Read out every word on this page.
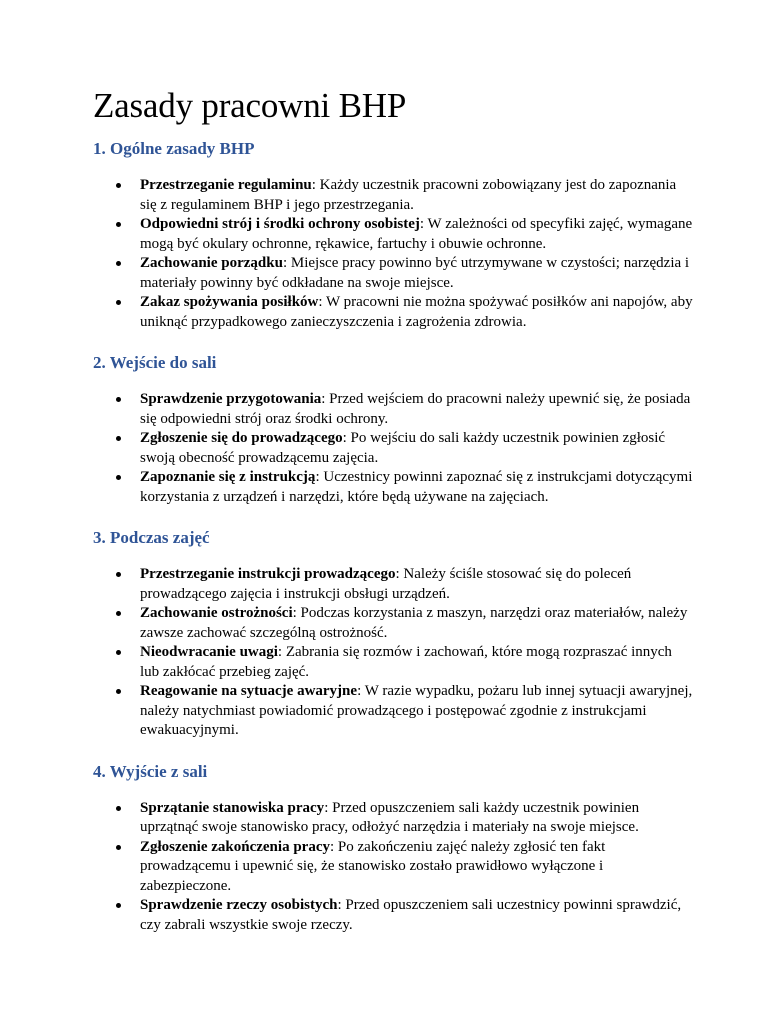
Zasady pracowni BHP
1. Ogólne zasady BHP
Przestrzeganie regulaminu: Każdy uczestnik pracowni zobowiązany jest do zapoznania się z regulaminem BHP i jego przestrzegania.
Odpowiedni strój i środki ochrony osobistej: W zależności od specyfiki zajęć, wymagane mogą być okulary ochronne, rękawice, fartuchy i obuwie ochronne.
Zachowanie porządku: Miejsce pracy powinno być utrzymywane w czystości; narzędzia i materiały powinny być odkładane na swoje miejsce.
Zakaz spożywania posiłków: W pracowni nie można spożywać posiłków ani napojów, aby uniknąć przypadkowego zanieczyszczenia i zagrożenia zdrowia.
2. Wejście do sali
Sprawdzenie przygotowania: Przed wejściem do pracowni należy upewnić się, że posiada się odpowiedni strój oraz środki ochrony.
Zgłoszenie się do prowadzącego: Po wejściu do sali każdy uczestnik powinien zgłosić swoją obecność prowadzącemu zajęcia.
Zapoznanie się z instrukcją: Uczestnicy powinni zapoznać się z instrukcjami dotyczącymi korzystania z urządzeń i narzędzi, które będą używane na zajęciach.
3. Podczas zajęć
Przestrzeganie instrukcji prowadzącego: Należy ściśle stosować się do poleceń prowadzącego zajęcia i instrukcji obsługi urządzeń.
Zachowanie ostrożności: Podczas korzystania z maszyn, narzędzi oraz materiałów, należy zawsze zachować szczególną ostrożność.
Nieodwracanie uwagi: Zabrania się rozmów i zachowań, które mogą rozpraszać innych lub zakłócać przebieg zajęć.
Reagowanie na sytuacje awaryjne: W razie wypadku, pożaru lub innej sytuacji awaryjnej, należy natychmiast powiadomić prowadzącego i postępować zgodnie z instrukcjami ewakuacyjnymi.
4. Wyjście z sali
Sprzątanie stanowiska pracy: Przed opuszczeniem sali każdy uczestnik powinien uprzątnąć swoje stanowisko pracy, odłożyć narzędzia i materiały na swoje miejsce.
Zgłoszenie zakończenia pracy: Po zakończeniu zajęć należy zgłosić ten fakt prowadzącemu i upewnić się, że stanowisko zostało prawidłowo wyłączone i zabezpieczone.
Sprawdzenie rzeczy osobistych: Przed opuszczeniem sali uczestnicy powinni sprawdzić, czy zabrali wszystkie swoje rzeczy.
